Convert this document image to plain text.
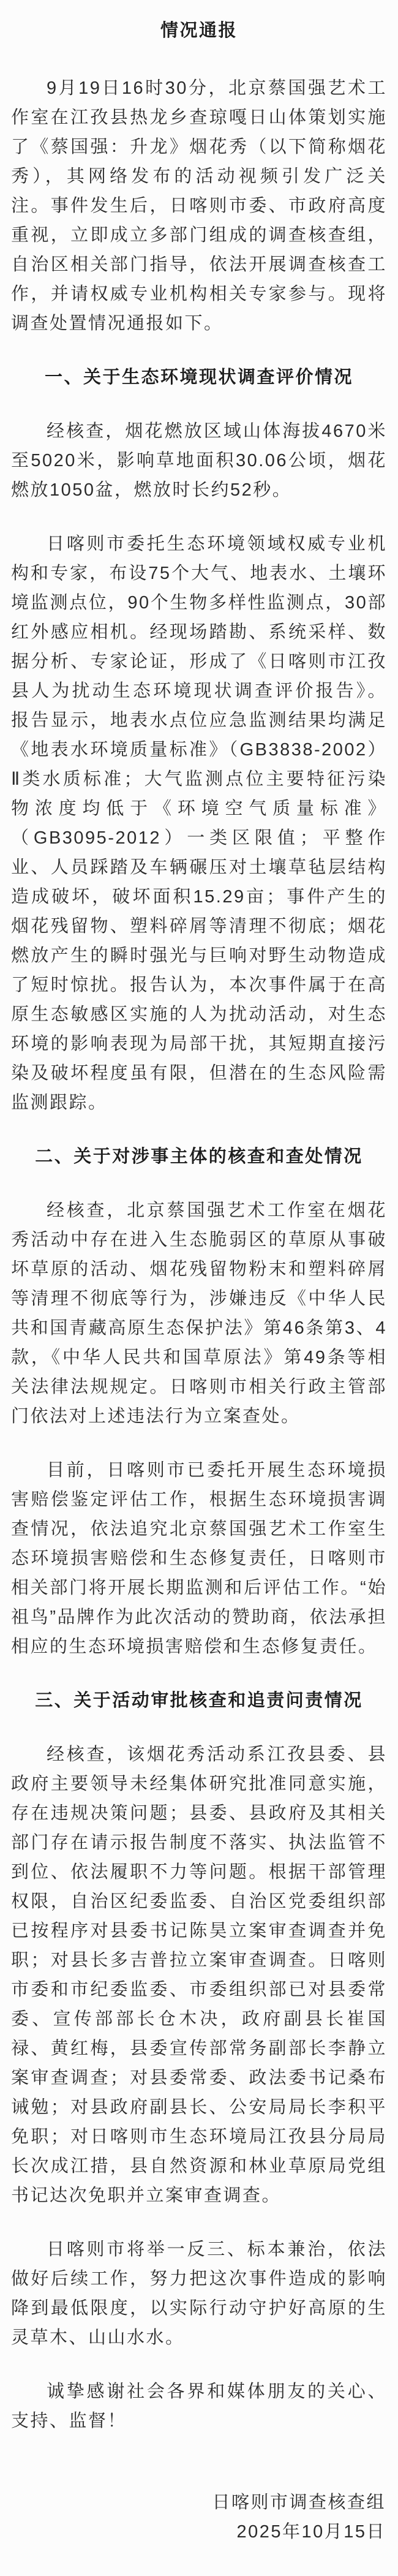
情况通报

9月19日16时30分，北京蔡国强艺术工作室在江孜县热龙乡查琼嘎日山体策划实施了《蔡国强：升龙》烟花秀（以下简称烟花秀），其网络发布的活动视频引发广泛关注。事件发生后，日喀则市委、市政府高度重视，立即成立多部门组成的调查核查组，自治区相关部门指导，依法开展调查核查工作，并请权威专业机构相关专家参与。现将调查处置情况通报如下。

一、关于生态环境现状调查评价情况

经核查，烟花燃放区域山体海拔4670米至5020米，影响草地面积30.06公顷，烟花燃放1050盆，燃放时长约52秒。

日喀则市委托生态环境领域权威专业机构和专家，布设75个大气、地表水、土壤环境监测点位，90个生物多样性监测点，30部红外感应相机。经现场踏勘、系统采样、数据分析、专家论证，形成了《日喀则市江孜县人为扰动生态环境现状调查评价报告》。报告显示，地表水点位应急监测结果均满足《地表水环境质量标准》（GB3838-2002）Ⅱ类水质标准；大气监测点位主要特征污染物浓度均低于《环境空气质量标准》（GB3095-2012）一类区限值；平整作业、人员踩踏及车辆碾压对土壤草毡层结构造成破坏，破坏面积15.29亩；事件产生的烟花残留物、塑料碎屑等清理不彻底；烟花燃放产生的瞬时强光与巨响对野生动物造成了短时惊扰。报告认为，本次事件属于在高原生态敏感区实施的人为扰动活动，对生态环境的影响表现为局部干扰，其短期直接污染及破坏程度虽有限，但潜在的生态风险需监测跟踪。

二、关于对涉事主体的核查和查处情况

经核查，北京蔡国强艺术工作室在烟花秀活动中存在进入生态脆弱区的草原从事破坏草原的活动、烟花残留物粉末和塑料碎屑等清理不彻底等行为，涉嫌违反《中华人民共和国青藏高原生态保护法》第46条第3、4款，《中华人民共和国草原法》第49条等相关法律法规规定。日喀则市相关行政主管部门依法对上述违法行为立案查处。

目前，日喀则市已委托开展生态环境损害赔偿鉴定评估工作，根据生态环境损害调查情况，依法追究北京蔡国强艺术工作室生态环境损害赔偿和生态修复责任，日喀则市相关部门将开展长期监测和后评估工作。“始祖鸟”品牌作为此次活动的赞助商，依法承担相应的生态环境损害赔偿和生态修复责任。

三、关于活动审批核查和追责问责情况

经核查，该烟花秀活动系江孜县委、县政府主要领导未经集体研究批准同意实施，存在违规决策问题；县委、县政府及其相关部门存在请示报告制度不落实、执法监管不到位、依法履职不力等问题。根据干部管理权限，自治区纪委监委、自治区党委组织部已按程序对县委书记陈昊立案审查调查并免职；对县长多吉普拉立案审查调查。日喀则市委和市纪委监委、市委组织部已对县委常委、宣传部部长仓木决，政府副县长崔国禄、黄红梅，县委宣传部常务副部长李静立案审查调查；对县委常委、政法委书记桑布诫勉；对县政府副县长、公安局局长李积平免职；对日喀则市生态环境局江孜县分局局长次成江措，县自然资源和林业草原局党组书记达次免职并立案审查调查。

日喀则市将举一反三、标本兼治，依法做好后续工作，努力把这次事件造成的影响降到最低限度，以实际行动守护好高原的生灵草木、山山水水。

诚挚感谢社会各界和媒体朋友的关心、支持、监督！

日喀则市调查核查组
2025年10月15日
